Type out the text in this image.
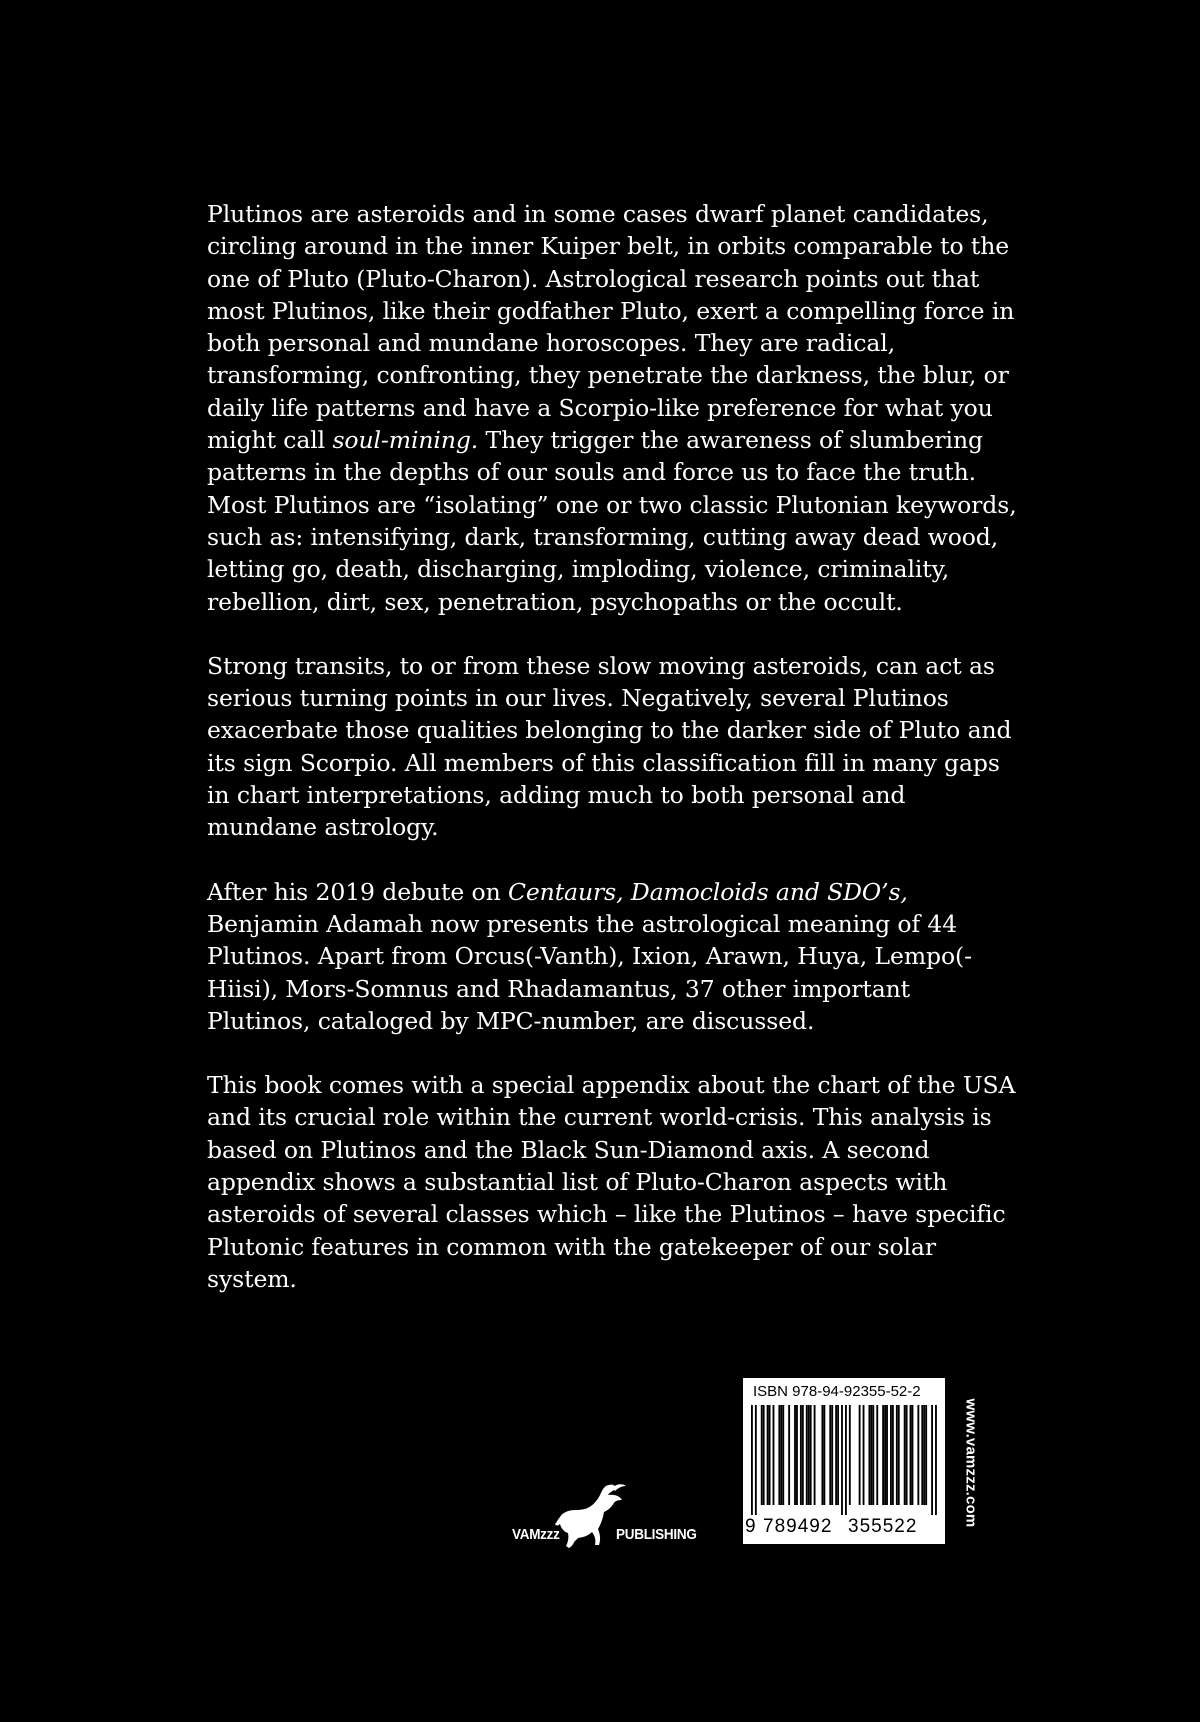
Plutinos are asteroids and in some cases dwarf planet candidates, circling around in the inner Kuiper belt, in orbits comparable to the one of Pluto (Pluto-Charon). Astrological research points out that most Plutinos, like their godfather Pluto, exert a compelling force in both personal and mundane horoscopes. They are radical, transforming, confronting, they penetrate the darkness, the blur, or daily life patterns and have a Scorpio-like preference for what you might call soul-mining. They trigger the awareness of slumbering patterns in the depths of our souls and force us to face the truth. Most Plutinos are “isolating” one or two classic Plutonian keywords, such as: intensifying, dark, transforming, cutting away dead wood, letting go, death, discharging, imploding, violence, criminality, rebellion, dirt, sex, penetration, psychopaths or the occult.

Strong transits, to or from these slow moving asteroids, can act as serious turning points in our lives. Negatively, several Plutinos exacerbate those qualities belonging to the darker side of Pluto and its sign Scorpio. All members of this classification fill in many gaps in chart interpretations, adding much to both personal and mundane astrology.

After his 2019 debute on Centaurs, Damocloids and SDO’s, Benjamin Adamah now presents the astrological meaning of 44 Plutinos. Apart from Orcus(-Vanth), Ixion, Arawn, Huya, Lempo(-Hiisi), Mors-Somnus and Rhadamantus, 37 other important Plutinos, cataloged by MPC-number, are discussed.

This book comes with a special appendix about the chart of the USA and its crucial role within the current world-crisis. This analysis is based on Plutinos and the Black Sun-Diamond axis. A second appendix shows a substantial list of Pluto-Charon aspects with asteroids of several classes which – like the Plutinos – have specific Plutonic features in common with the gatekeeper of our solar system.

VAMzzz	PUBLISHING
ISBN 978-94-92355-52-2
9 789492 355522	www.vamzzz.com
